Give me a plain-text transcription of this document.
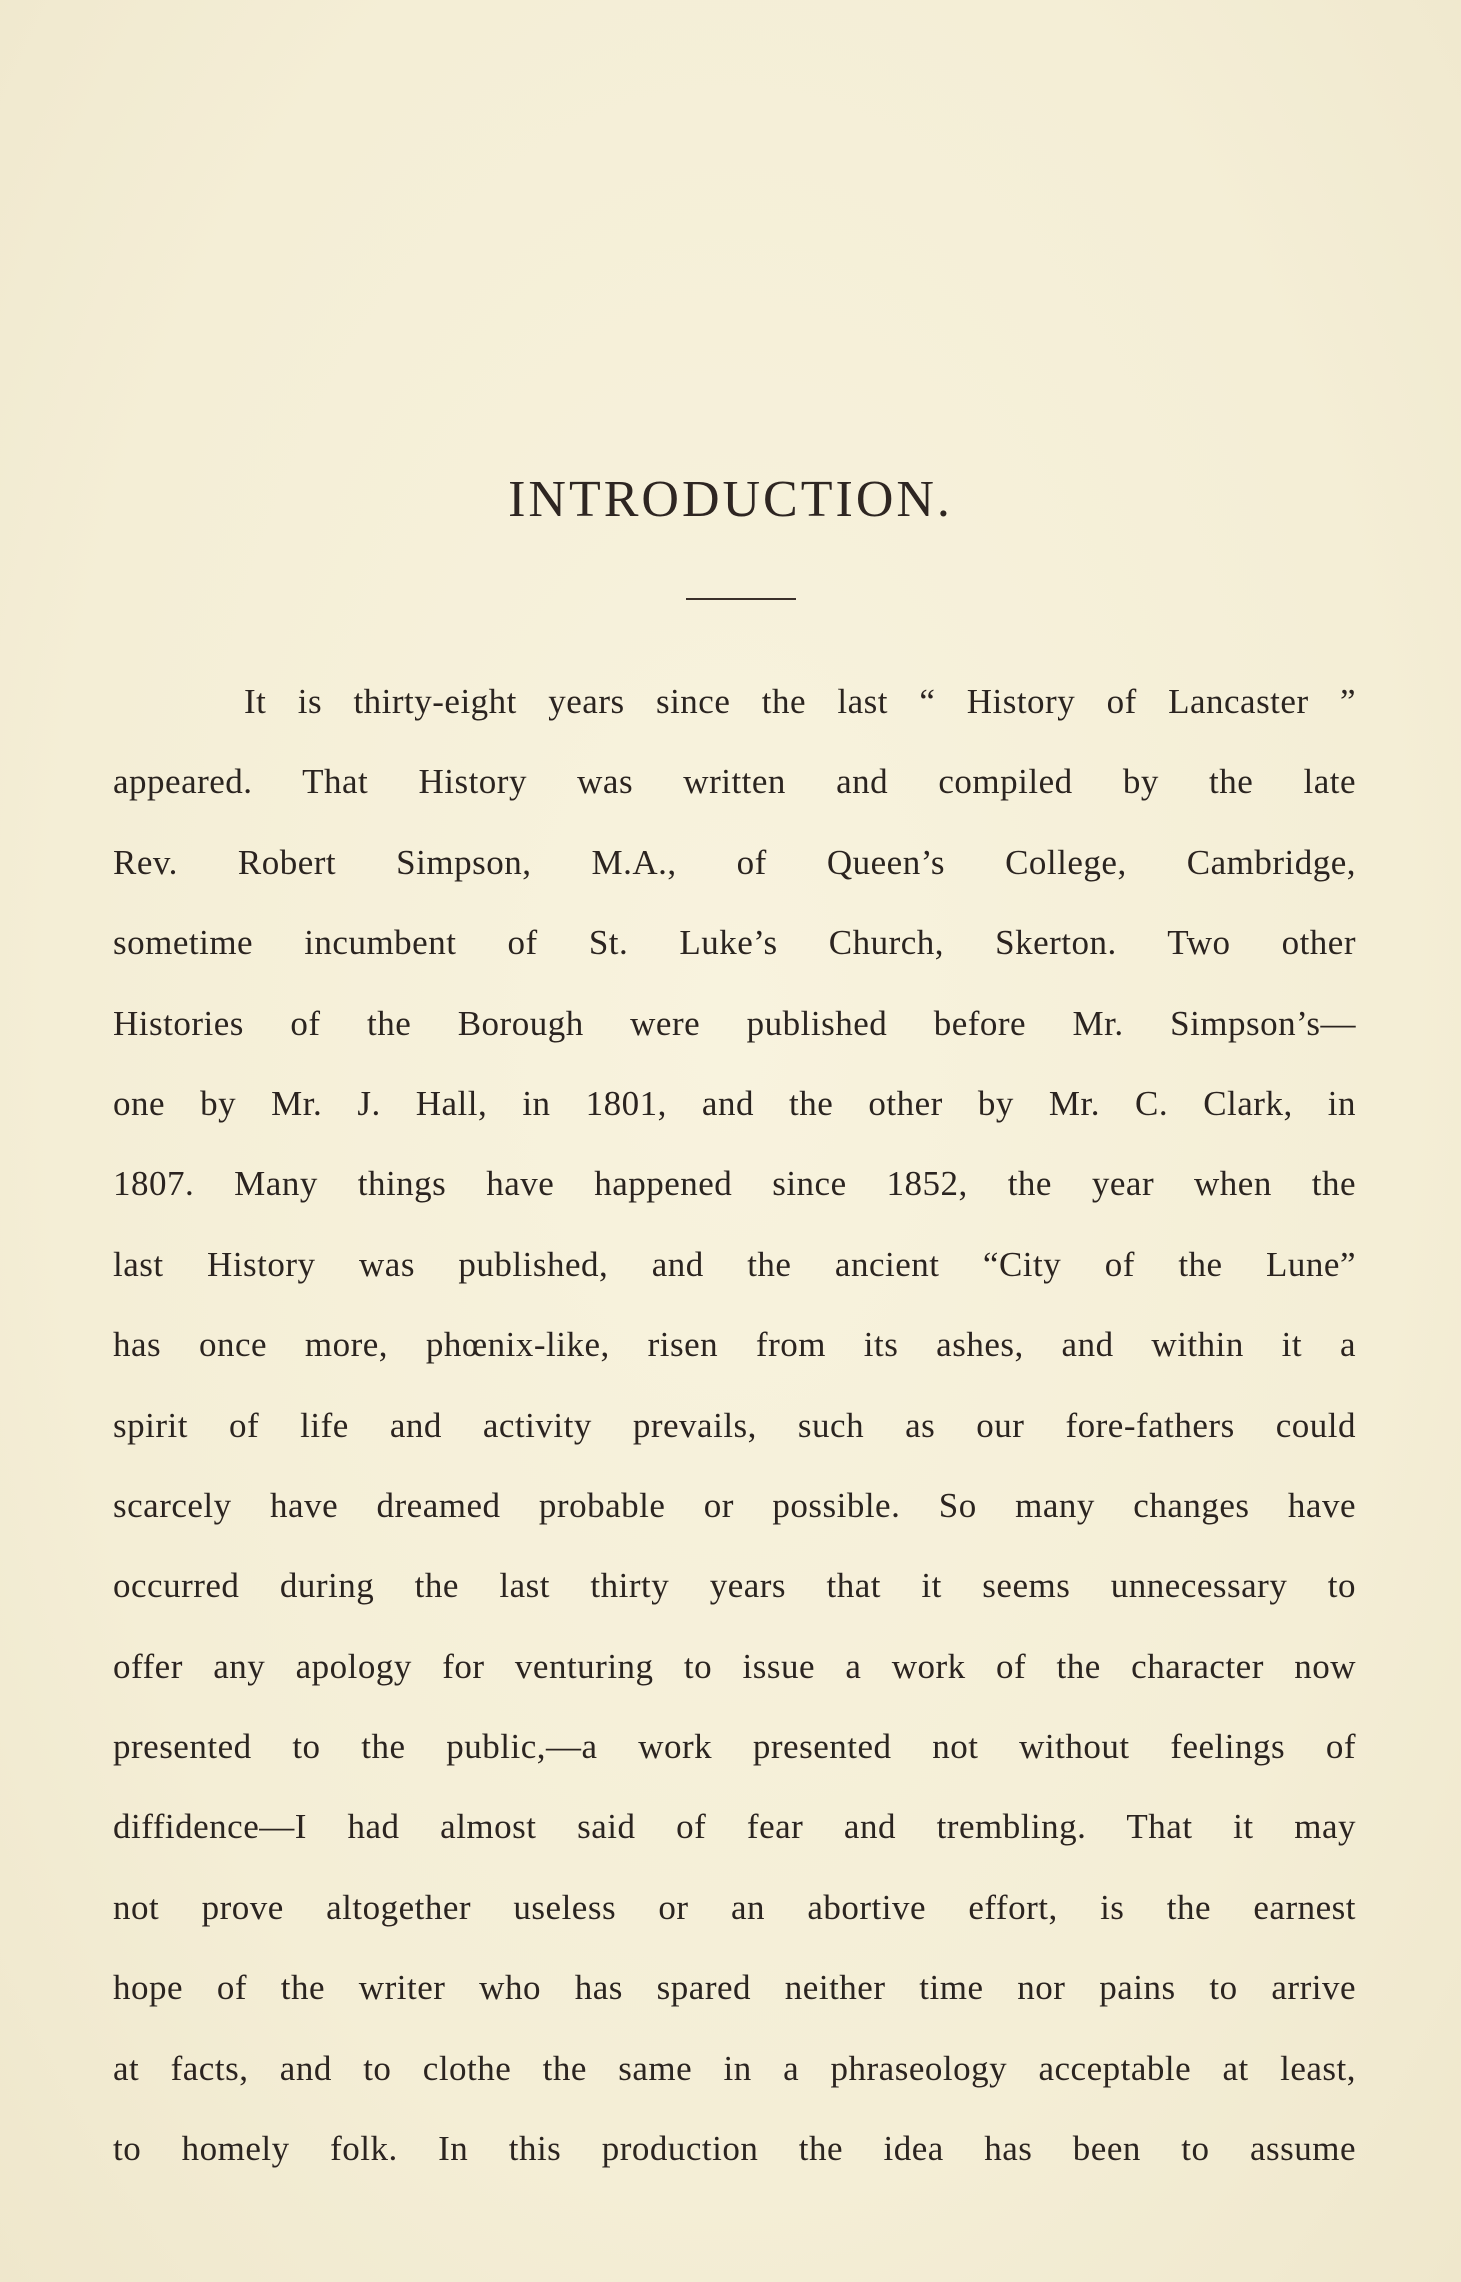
INTRODUCTION.
It is thirty-eight years since the last “ History of Lancaster ”
appeared. That History was written and compiled by the late
Rev. Robert Simpson, M.A., of Queen’s College, Cambridge,
sometime incumbent of St. Luke’s Church, Skerton. Two other
Histories of the Borough were published before Mr. Simpson’s—
one by Mr. J. Hall, in 1801, and the other by Mr. C. Clark, in
1807. Many things have happened since 1852, the year when the
last History was published, and the ancient “City of the Lune”
has once more, phœnix-like, risen from its ashes, and within it a
spirit of life and activity prevails, such as our fore-fathers could
scarcely have dreamed probable or possible. So many changes have
occurred during the last thirty years that it seems unnecessary to
offer any apology for venturing to issue a work of the character now
presented to the public,—a work presented not without feelings of
diffidence—I had almost said of fear and trembling. That it may
not prove altogether useless or an abortive effort, is the earnest
hope of the writer who has spared neither time nor pains to arrive
at facts, and to clothe the same in a phraseology acceptable at least,
to homely folk. In this production the idea has been to assume
